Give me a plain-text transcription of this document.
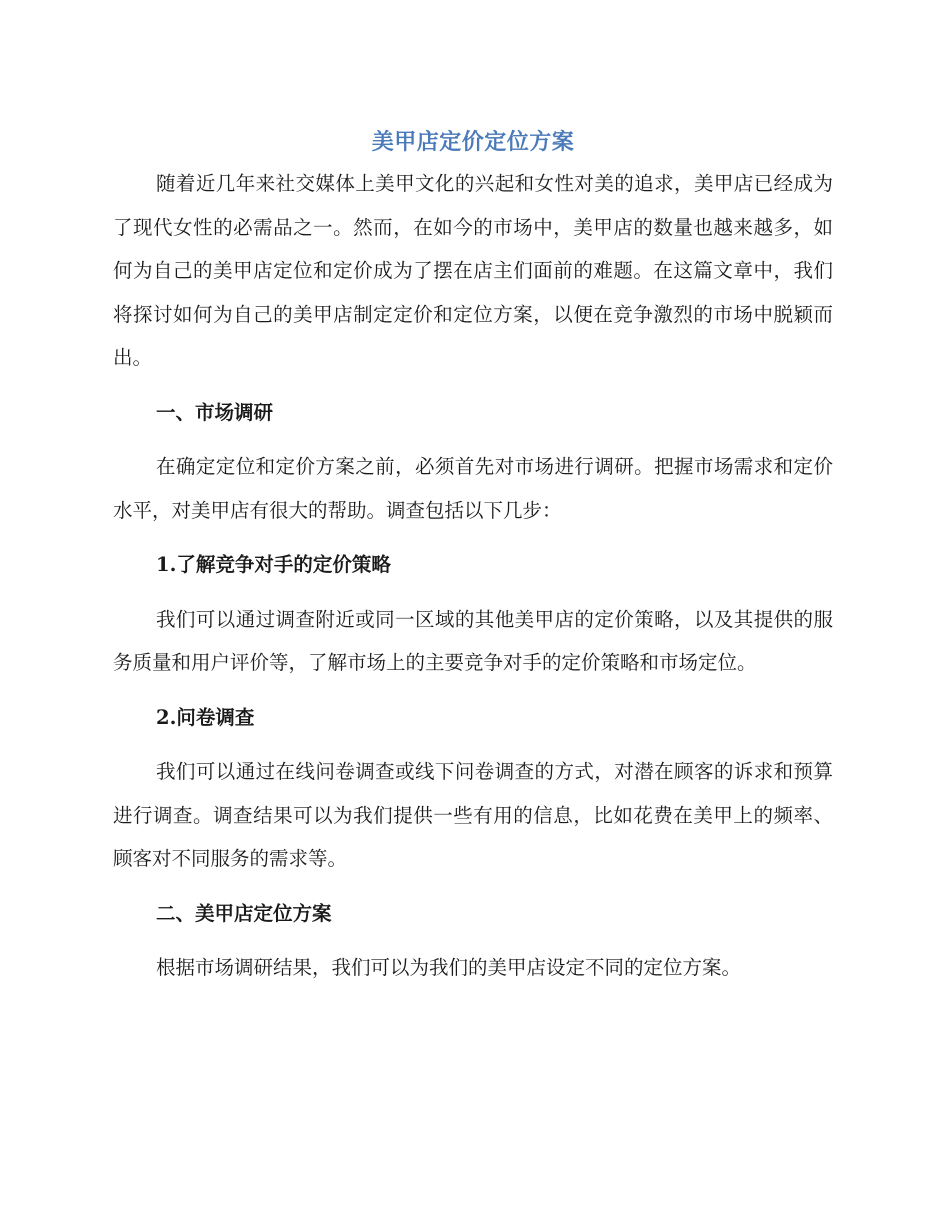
美甲店定价定位方案

随着近几年来社交媒体上美甲文化的兴起和女性对美的追求，美甲店已经成为了现代女性的必需品之一。然而，在如今的市场中，美甲店的数量也越来越多，如何为自己的美甲店定位和定价成为了摆在店主们面前的难题。在这篇文章中，我们将探讨如何为自己的美甲店制定定价和定位方案，以便在竞争激烈的市场中脱颖而出。

一、市场调研

在确定定位和定价方案之前，必须首先对市场进行调研。把握市场需求和定价水平，对美甲店有很大的帮助。调查包括以下几步：

1.了解竞争对手的定价策略

我们可以通过调查附近或同一区域的其他美甲店的定价策略，以及其提供的服务质量和用户评价等，了解市场上的主要竞争对手的定价策略和市场定位。

2.问卷调查

我们可以通过在线问卷调查或线下问卷调查的方式，对潜在顾客的诉求和预算进行调查。调查结果可以为我们提供一些有用的信息，比如花费在美甲上的频率、顾客对不同服务的需求等。

二、美甲店定位方案

根据市场调研结果，我们可以为我们的美甲店设定不同的定位方案。
